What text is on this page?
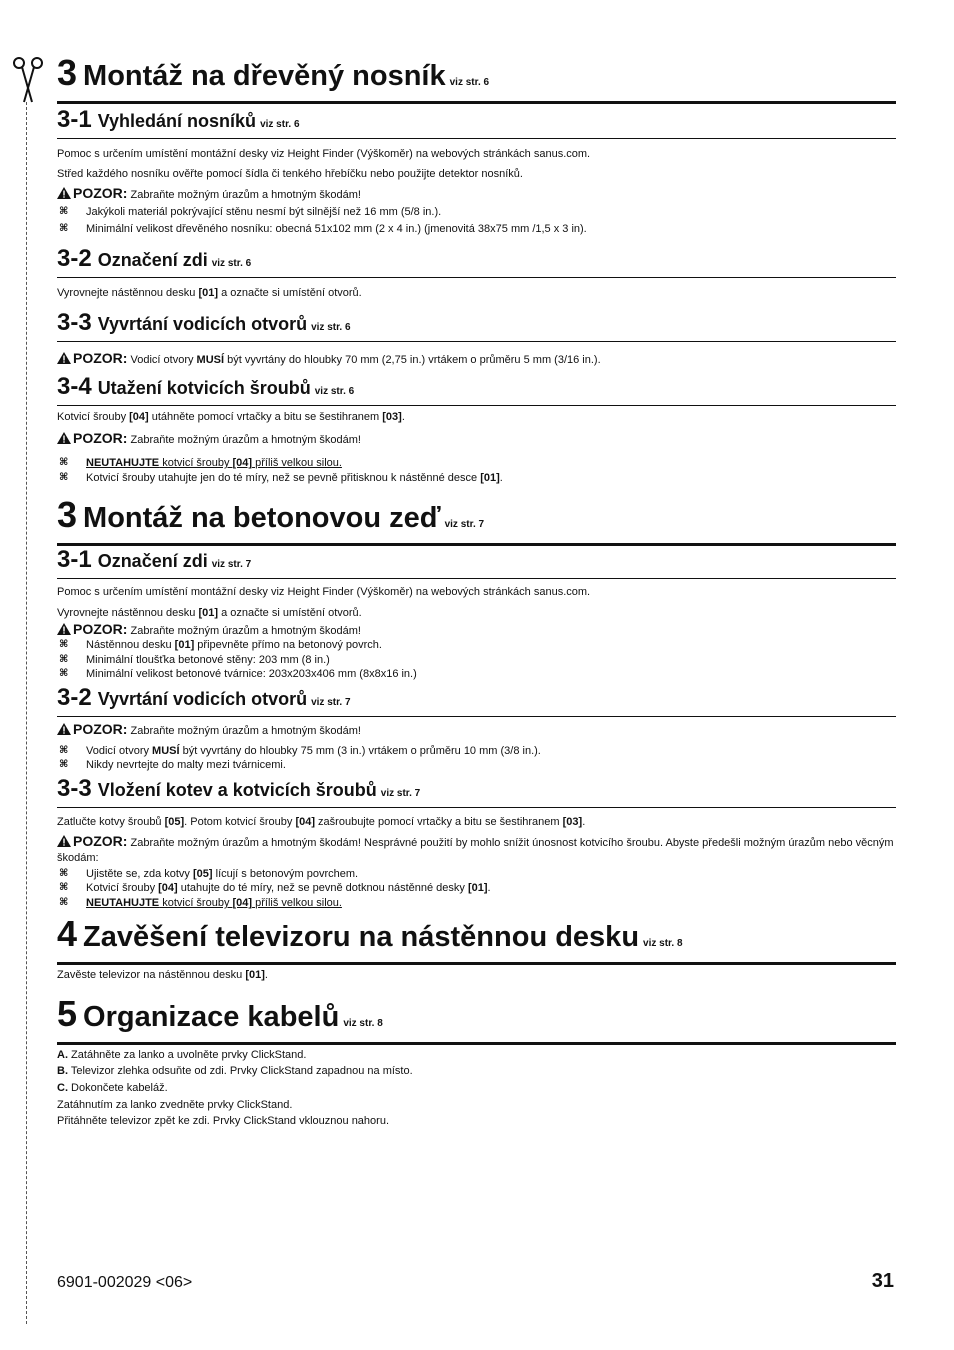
3 Montáž na dřevěný nosník viz str. 6
3-1 Vyhledání nosníků viz str. 6
Pomoc s určením umístění montážní desky viz Height Finder (Výškoměr) na webových stránkách sanus.com.
Střed každého nosníku ověřte pomocí šídla či tenkého hřebíčku nebo použijte detektor nosníků.
POZOR: Zabraňte možným úrazům a hmotným škodám!
⌘ Jakýkoli materiál pokrývající stěnu nesmí být silnější než 16 mm (5/8 in.).
⌘ Minimální velikost dřevěného nosníku: obecná 51x102 mm (2 x 4 in.) (jmenovitá 38x75 mm /1,5 x 3 in).
3-2 Označení zdi viz str. 6
Vyrovnejte nástěnnou desku [01] a označte si umístění otvorů.
3-3 Vyvrtání vodicích otvorů viz str. 6
POZOR: Vodicí otvory MUSÍ být vyvrtány do hloubky 70 mm (2,75 in.) vrtákem o průměru 5 mm (3/16 in.).
3-4 Utažení kotvicích šroubů viz str. 6
Kotvicí šrouby [04] utáhněte pomocí vrtačky a bitu se šestihranem [03].
POZOR: Zabraňte možným úrazům a hmotným škodám!
⌘ NEUTAHUJTE kotvicí šrouby [04] příliš velkou silou.
⌘ Kotvicí šrouby utahujte jen do té míry, než se pevně přitisknou k nástěnné desce [01].
3 Montáž na betonovou zeď viz str. 7
3-1 Označení zdi viz str. 7
Pomoc s určením umístění montážní desky viz Height Finder (Výškoměr) na webových stránkách sanus.com.
Vyrovnejte nástěnnou desku [01] a označte si umístění otvorů.
POZOR: Zabraňte možným úrazům a hmotným škodám!
⌘ Nástěnnou desku [01] připevněte přímo na betonový povrch.
⌘ Minimální tloušťka betonové stěny: 203 mm (8 in.)
⌘ Minimální velikost betonové tvárnice: 203x203x406 mm (8x8x16 in.)
3-2 Vyvrtání vodicích otvorů viz str. 7
POZOR: Zabraňte možným úrazům a hmotným škodám!
⌘ Vodicí otvory MUSÍ být vyvrtány do hloubky 75 mm (3 in.) vrtákem o průměru 10 mm (3/8 in.).
⌘ Nikdy nevrtejte do malty mezi tvárnicemi.
3-3 Vložení kotev a kotvicích šroubů viz str. 7
Zatlučte kotvy šroubů [05]. Potom kotvicí šrouby [04] zašroubujte pomocí vrtačky a bitu se šestihranem [03].
POZOR: Zabraňte možným úrazům a hmotným škodám! Nesprávné použití by mohlo snížit únosnost kotvicího šroubu. Abyste předešli možným úrazům nebo věcným škodám:
⌘ Ujistěte se, zda kotvy [05] lícují s betonovým povrchem.
⌘ Kotvicí šrouby [04] utahujte do té míry, než se pevně dotknou nástěnné desky [01].
⌘ NEUTAHUJTE kotvicí šrouby [04] příliš velkou silou.
4 Zavěšení televizoru na nástěnnou desku viz str. 8
Zavěste televizor na nástěnnou desku [01].
5 Organizace kabelů viz str. 8
A. Zatáhněte za lanko a uvolněte prvky ClickStand.
B. Televizor zlehka odsuňte od zdi. Prvky ClickStand zapadnou na místo.
C. Dokončete kabeláž.
Zatáhnutím za lanko zvedněte prvky ClickStand.
Přitáhněte televizor zpět ke zdi. Prvky ClickStand vklouznou nahoru.
6901-002029 <06>	31
